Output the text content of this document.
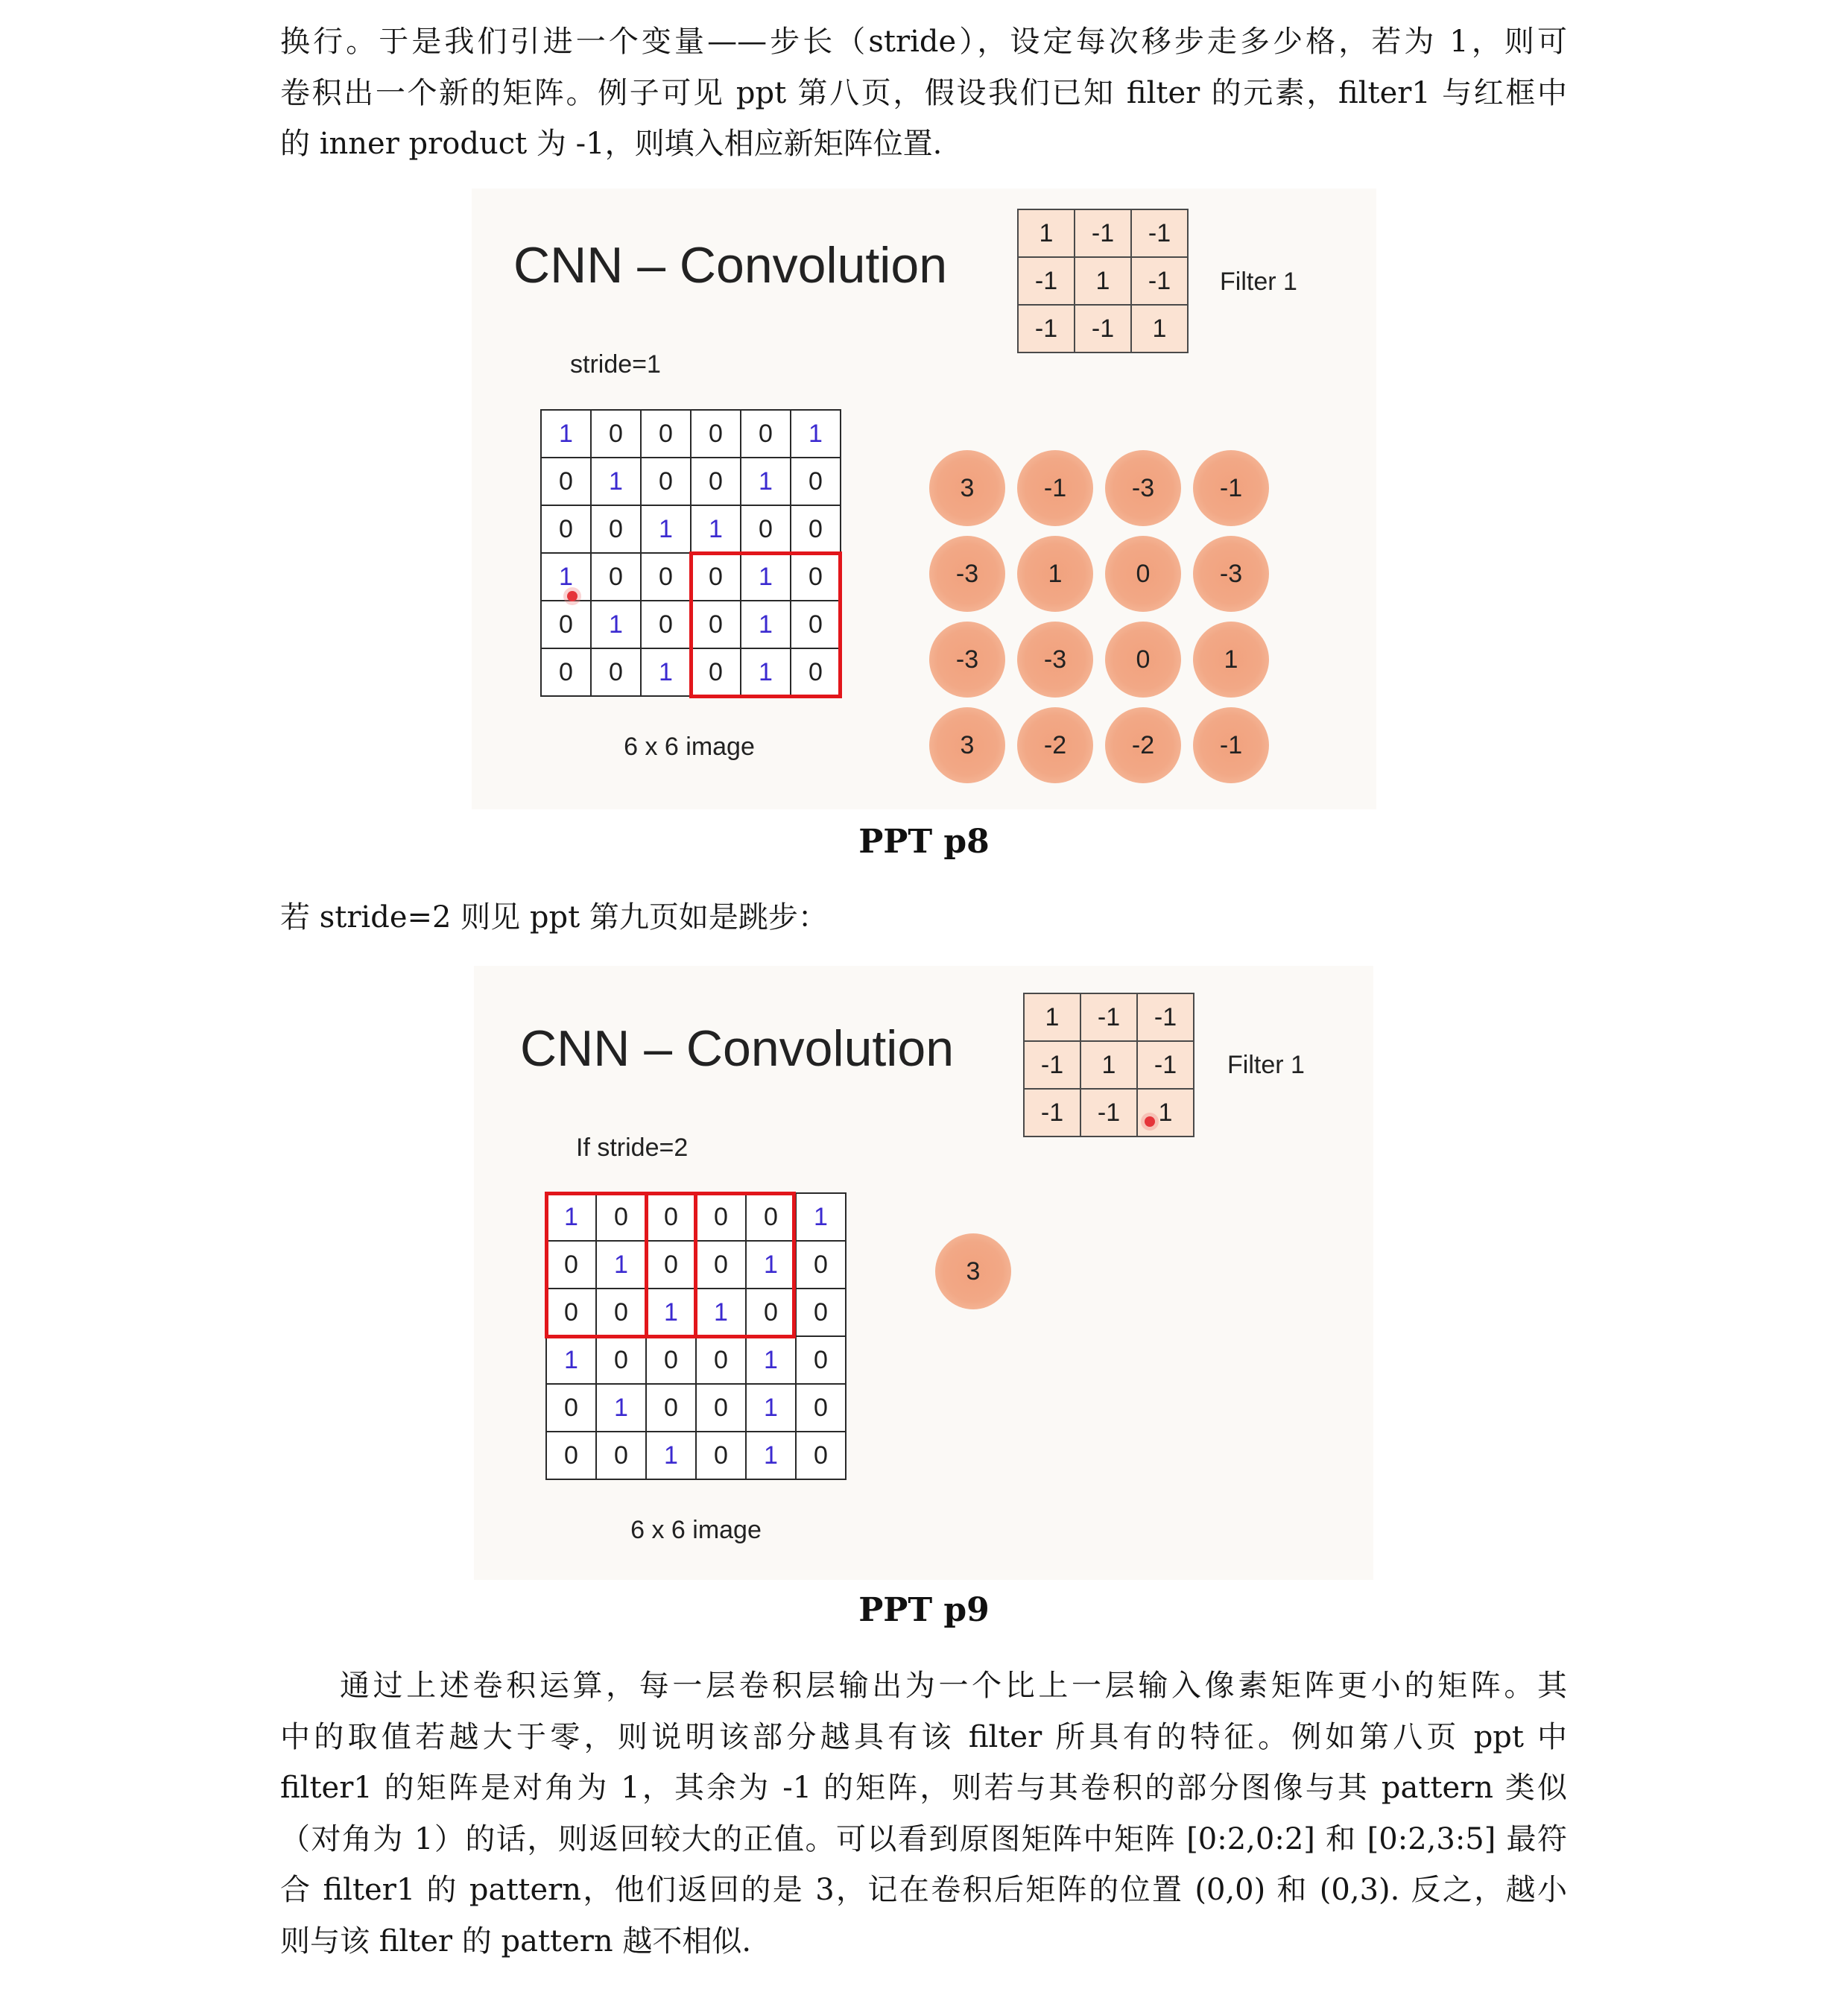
换行。于是我们引进一个变量——步长（stride），设定每次移步走多少格，若为 1，则可
卷积出一个新的矩阵。例子可见 ppt 第八页，假设我们已知 filter 的元素，filter1 与红框中
的 inner product 为 -1，则填入相应新矩阵位置.
CNN – Convolution
1	-1	-1
-1	1	-1
-1	-1	1
Filter 1
stride=1
1	0	0	0	0	1
0	1	0	0	1	0
0	0	1	1	0	0
1	0	0	0	1	0
0	1	0	0	1	0
0	0	1	0	1	0
6 x 6 image
3	-1	-3	-1
-3	1	0	-3
-3	-3	0	1
3	-2	-2	-1
PPT p8
若 stride=2 则见 ppt 第九页如是跳步：
CNN – Convolution
1	-1	-1
-1	1	-1
-1	-1	1
Filter 1
If stride=2
1	0	0	0	0	1
0	1	0	0	1	0
0	0	1	1	0	0
1	0	0	0	1	0
0	1	0	0	1	0
0	0	1	0	1	0
6 x 6 image
3
PPT p9
通过上述卷积运算，每一层卷积层输出为一个比上一层输入像素矩阵更小的矩阵。其
中的取值若越大于零，则说明该部分越具有该 filter 所具有的特征。例如第八页 ppt 中
filter1 的矩阵是对角为 1，其余为 -1 的矩阵，则若与其卷积的部分图像与其 pattern 类似
（对角为 1）的话，则返回较大的正值。可以看到原图矩阵中矩阵 [0:2,0:2] 和 [0:2,3:5] 最符
合 filter1 的 pattern，他们返回的是 3，记在卷积后矩阵的位置 (0,0) 和 (0,3). 反之，越小
则与该 filter 的 pattern 越不相似.
